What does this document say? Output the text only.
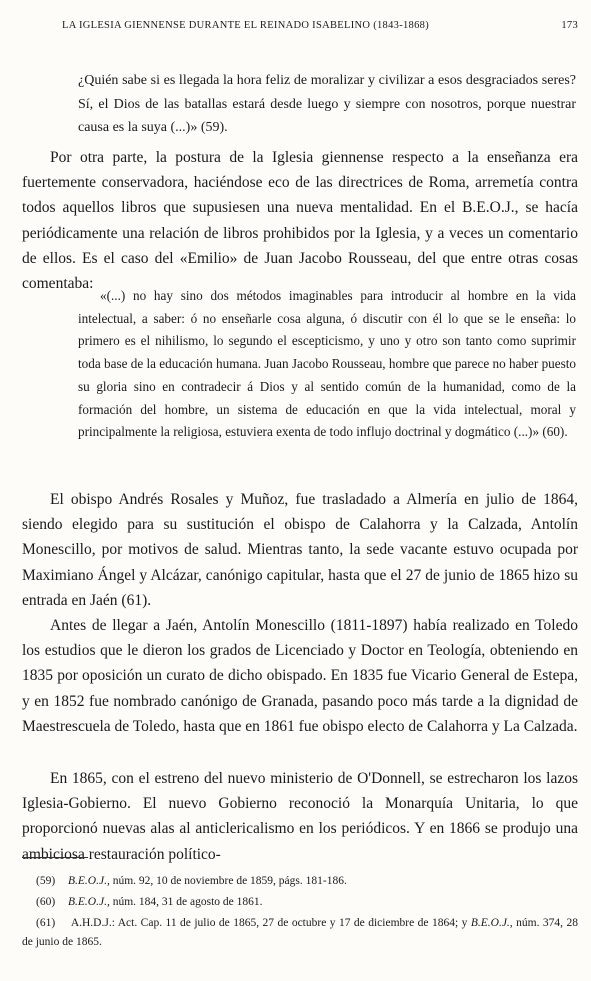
LA IGLESIA GIENNENSE DURANTE EL REINADO ISABELINO (1843-1868)	173

¿Quién sabe si es llegada la hora feliz de moralizar y civilizar a esos desgraciados seres? Sí, el Dios de las batallas estará desde luego y siempre con nosotros, porque nuestrar causa es la suya (...)» (59).

Por otra parte, la postura de la Iglesia giennense respecto a la enseñanza era fuertemente conservadora, haciéndose eco de las directrices de Roma, arremetía contra todos aquellos libros que supusiesen una nueva mentalidad. En el B.E.O.J., se hacía periódicamente una relación de libros prohibidos por la Iglesia, y a veces un comentario de ellos. Es el caso del «Emilio» de Juan Jacobo Rousseau, del que entre otras cosas comentaba:

«(...) no hay sino dos métodos imaginables para introducir al hombre en la vida intelectual, a saber: ó no enseñarle cosa alguna, ó discutir con él lo que se le enseña: lo primero es el nihilismo, lo segundo el escepticismo, y uno y otro son tanto como suprimir toda base de la educación humana. Juan Jacobo Rousseau, hombre que parece no haber puesto su gloria sino en contradecir á Dios y al sentido común de la humanidad, como de la formación del hombre, un sistema de educación en que la vida intelectual, moral y principalmente la religiosa, estuviera exenta de todo influjo doctrinal y dogmático (...)» (60).

El obispo Andrés Rosales y Muñoz, fue trasladado a Almería en julio de 1864, siendo elegido para su sustitución el obispo de Calahorra y la Calzada, Antolín Monescillo, por motivos de salud. Mientras tanto, la sede vacante estuvo ocupada por Maximiano Ángel y Alcázar, canónigo capitular, hasta que el 27 de junio de 1865 hizo su entrada en Jaén (61).

Antes de llegar a Jaén, Antolín Monescillo (1811-1897) había realizado en Toledo los estudios que le dieron los grados de Licenciado y Doctor en Teología, obteniendo en 1835 por oposición un curato de dicho obispado. En 1835 fue Vicario General de Estepa, y en 1852 fue nombrado canónigo de Granada, pasando poco más tarde a la dignidad de Maestrescuela de Toledo, hasta que en 1861 fue obispo electo de Calahorra y La Calzada.

En 1865, con el estreno del nuevo ministerio de O'Donnell, se estrecharon los lazos Iglesia-Gobierno. El nuevo Gobierno reconoció la Monarquía Unitaria, lo que proporcionó nuevas alas al anticlericalismo en los periódicos. Y en 1866 se produjo una ambiciosa restauración político-

(59) B.E.O.J., núm. 92, 10 de noviembre de 1859, págs. 181-186.
(60) B.E.O.J., núm. 184, 31 de agosto de 1861.
(61) A.H.D.J.: Act. Cap. 11 de julio de 1865, 27 de octubre y 17 de diciembre de 1864; y B.E.O.J., núm. 374, 28 de junio de 1865.
